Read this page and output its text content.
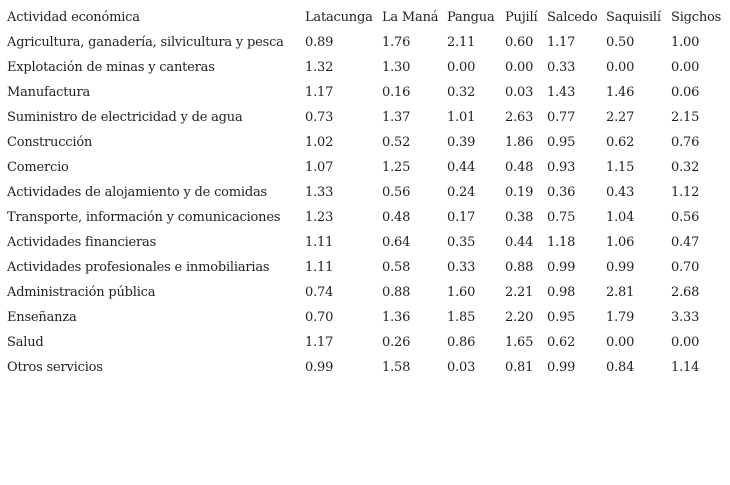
Actividad económica	Latacunga	La Maná	Pangua	Pujilí	Salcedo	Saquisilí	Sigchos
Agricultura, ganadería, silvicultura y pesca	0.89	1.76	2.11	0.60	1.17	0.50	1.00
Explotación de minas y canteras	1.32	1.30	0.00	0.00	0.33	0.00	0.00
Manufactura	1.17	0.16	0.32	0.03	1.43	1.46	0.06
Suministro de electricidad y de agua	0.73	1.37	1.01	2.63	0.77	2.27	2.15
Construcción	1.02	0.52	0.39	1.86	0.95	0.62	0.76
Comercio	1.07	1.25	0.44	0.48	0.93	1.15	0.32
Actividades de alojamiento y de comidas	1.33	0.56	0.24	0.19	0.36	0.43	1.12
Transporte, información y comunicaciones	1.23	0.48	0.17	0.38	0.75	1.04	0.56
Actividades financieras	1.11	0.64	0.35	0.44	1.18	1.06	0.47
Actividades profesionales e inmobiliarias	1.11	0.58	0.33	0.88	0.99	0.99	0.70
Administración pública	0.74	0.88	1.60	2.21	0.98	2.81	2.68
Enseñanza	0.70	1.36	1.85	2.20	0.95	1.79	3.33
Salud	1.17	0.26	0.86	1.65	0.62	0.00	0.00
Otros servicios	0.99	1.58	0.03	0.81	0.99	0.84	1.14
